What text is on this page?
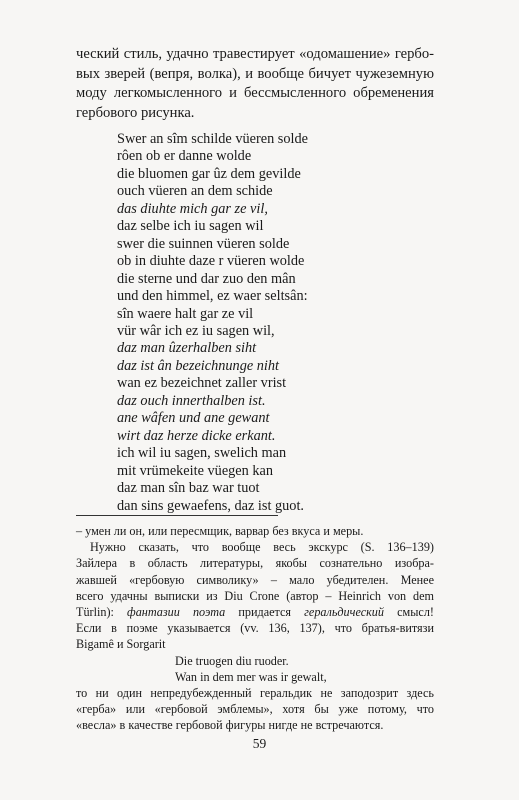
ческий стиль, удачно травестирует «одомашение» гербо-
вых зверей (вепря, волка), и вообще бичует чужеземную
моду легкомысленного и бессмысленного обременения
гербового рисунка.
Swer an sîm schilde vüeren solde
rôen ob er danne wolde
die bluomen gar ûz dem gevilde
ouch vüeren an dem schide
das diuhte mich gar ze vil,
daz selbe ich iu sagen wil
swer die suinnen vüeren solde
ob in diuhte daze r vüeren wolde
die sterne und dar zuo den mân
und den himmel, ez waer seltsân:
sîn waere halt gar ze vil
vür wâr ich ez iu sagen wil,
daz man ûzerhalben siht
daz ist ân bezeichnunge niht
wan ez bezeichnet zaller vrist
daz ouch innerthalben ist.
ane wâfen und ane gewant
wirt daz herze dicke erkant.
ich wil iu sagen, swelich man
mit vrümekeite vüegen kan
daz man sîn baz war tuot
dan sins gewaefens, daz ist guot.
– умен ли он, или пересмщик, варвар без вкуса и меры.
Нужно сказать, что вообще весь экскурс (S. 136–139)
Зайлера в область литературы, якобы сознательно изобра-
жавшей «гербовую символику» – мало убедителен. Менее
всего удачны выписки из Diu Crone (автор – Heinrich von dem
Türlin): фантазии поэта придается геральдический смысл!
Если в поэме указывается (vv. 136, 137), что братья-витязи
Bigamê и Sorgarit
Die truogen diu ruoder.
Wan in dem mer was ir gewalt,
то ни один непредубежденный геральдик не заподозрит здесь
«герба» или «гербовой эмблемы», хотя бы уже потому, что
«весла» в качестве гербовой фигуры нигде не встречаются.
59
